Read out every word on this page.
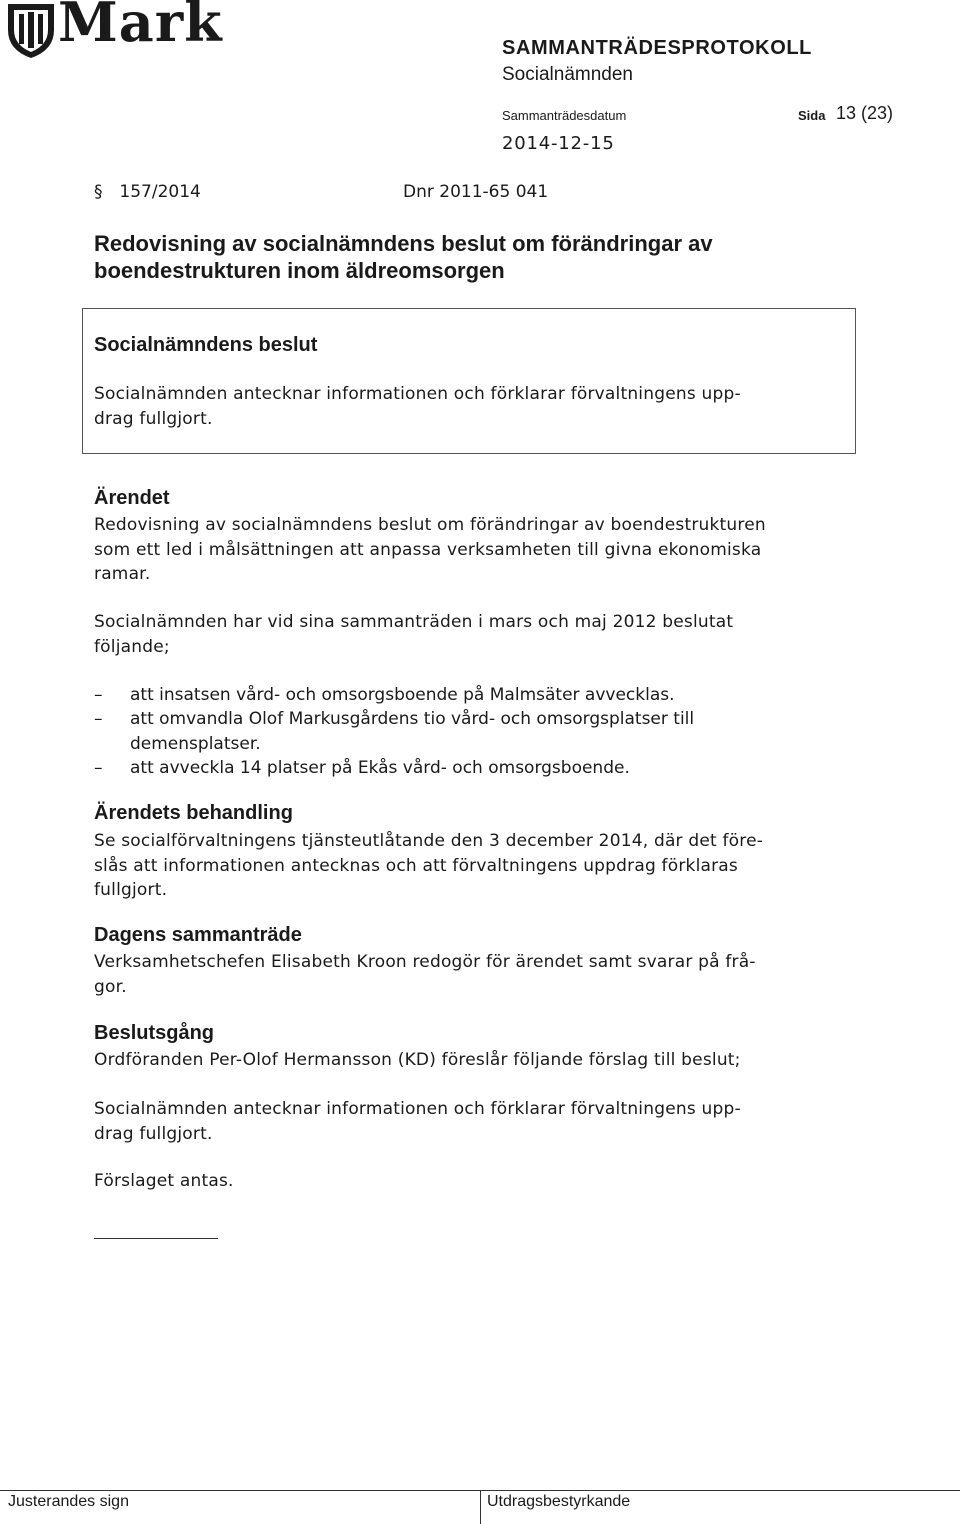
Mark	SAMMANTRÄDESPROTOKOLL
Socialnämnden
Sammanträdesdatum	Sida 13 (23)
2014-12-15
§ 157/2014	Dnr 2011-65 041
Redovisning av socialnämndens beslut om förändringar av
boendestrukturen inom äldreomsorgen
Socialnämndens beslut
Socialnämnden antecknar informationen och förklarar förvaltningens upp-
drag fullgjort.
Ärendet
Redovisning av socialnämndens beslut om förändringar av boendestrukturen
som ett led i målsättningen att anpassa verksamheten till givna ekonomiska
ramar.
Socialnämnden har vid sina sammanträden i mars och maj 2012 beslutat
följande;
– att insatsen vård- och omsorgsboende på Malmsäter avvecklas.
– att omvandla Olof Markusgårdens tio vård- och omsorgsplatser till
demensplatser.
– att avveckla 14 platser på Ekås vård- och omsorgsboende.
Ärendets behandling
Se socialförvaltningens tjänsteutlåtande den 3 december 2014, där det före-
slås att informationen antecknas och att förvaltningens uppdrag förklaras
fullgjort.
Dagens sammanträde
Verksamhetschefen Elisabeth Kroon redogör för ärendet samt svarar på frå-
gor.
Beslutsgång
Ordföranden Per-Olof Hermansson (KD) föreslår följande förslag till beslut;
Socialnämnden antecknar informationen och förklarar förvaltningens upp-
drag fullgjort.
Förslaget antas.
Justerandes sign	Utdragsbestyrkande
